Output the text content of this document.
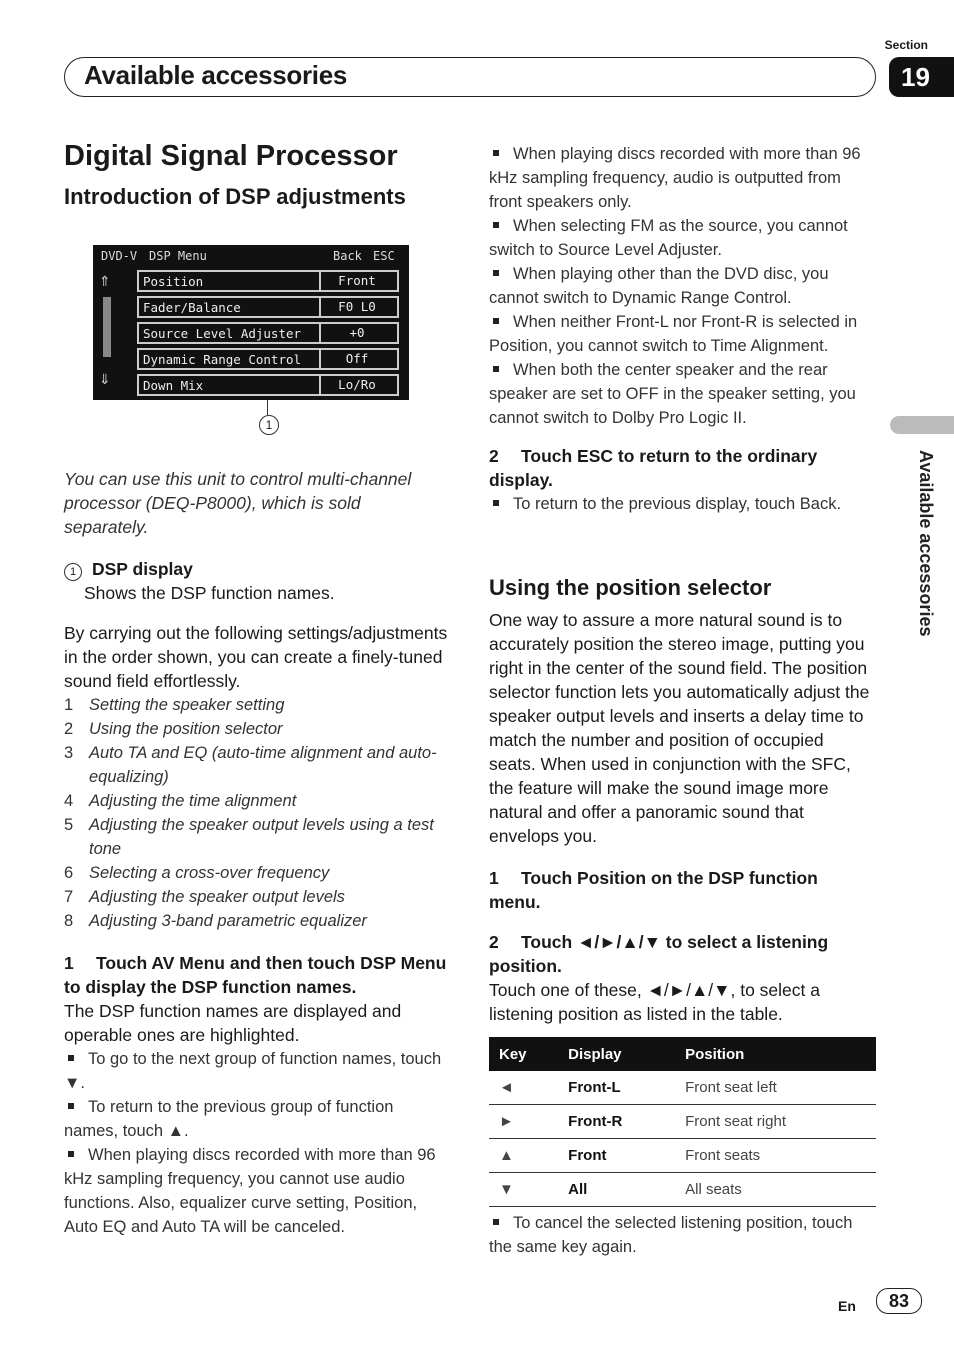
Section
Available accessories	19
Available accessories
Digital Signal Processor
Introduction of DSP adjustments
DVD-V DSP Menu	Back ESC
⇑
⇓
Position	Front
Fader/Balance	F0 L0
Source Level Adjuster	+0
Dynamic Range Control	Off
Down Mix	Lo/Ro
1

You can use this unit to control multi-channel processor (DEQ-P8000), which is sold separately.

1 DSP display

Shows the DSP function names.

By carrying out the following settings/adjustments in the order shown, you can create a finely-tuned sound field effortlessly.

1 Setting the speaker setting
2 Using the position selector
3 Auto TA and EQ (auto-time alignment and auto-equalizing)
4 Adjusting the time alignment
5 Adjusting the speaker output levels using a test tone
6 Selecting a cross-over frequency
7 Adjusting the speaker output levels
8 Adjusting 3-band parametric equalizer

1 Touch AV Menu and then touch DSP Menu to display the DSP function names.

The DSP function names are displayed and operable ones are highlighted.

To go to the next group of function names, touch ▼.

To return to the previous group of function names, touch ▲.

When playing discs recorded with more than 96 kHz sampling frequency, you cannot use audio functions. Also, equalizer curve setting, Position, Auto EQ and Auto TA will be canceled.

When playing discs recorded with more than 96 kHz sampling frequency, audio is outputted from front speakers only.

When selecting FM as the source, you cannot switch to Source Level Adjuster.

When playing other than the DVD disc, you cannot switch to Dynamic Range Control.

When neither Front-L nor Front-R is selected in Position, you cannot switch to Time Alignment.

When both the center speaker and the rear speaker are set to OFF in the speaker setting, you cannot switch to Dolby Pro Logic II.

2 Touch ESC to return to the ordinary display.

To return to the previous display, touch Back.

Using the position selector

One way to assure a more natural sound is to accurately position the stereo image, putting you right in the center of the sound field. The position selector function lets you automatically adjust the speaker output levels and inserts a delay time to match the number and position of occupied seats. When used in conjunction with the SFC, the feature will make the sound image more natural and offer a panoramic sound that envelops you.

1 Touch Position on the DSP function menu.

2 Touch ◄/►/▲/▼ to select a listening position.

Touch one of these, ◄/►/▲/▼, to select a listening position as listed in the table.

Key	Display	Position
◄	Front-L	Front seat left
►	Front-R	Front seat right
▲	Front	Front seats
▼	All	All seats

To cancel the selected listening position, touch the same key again.

En	83
